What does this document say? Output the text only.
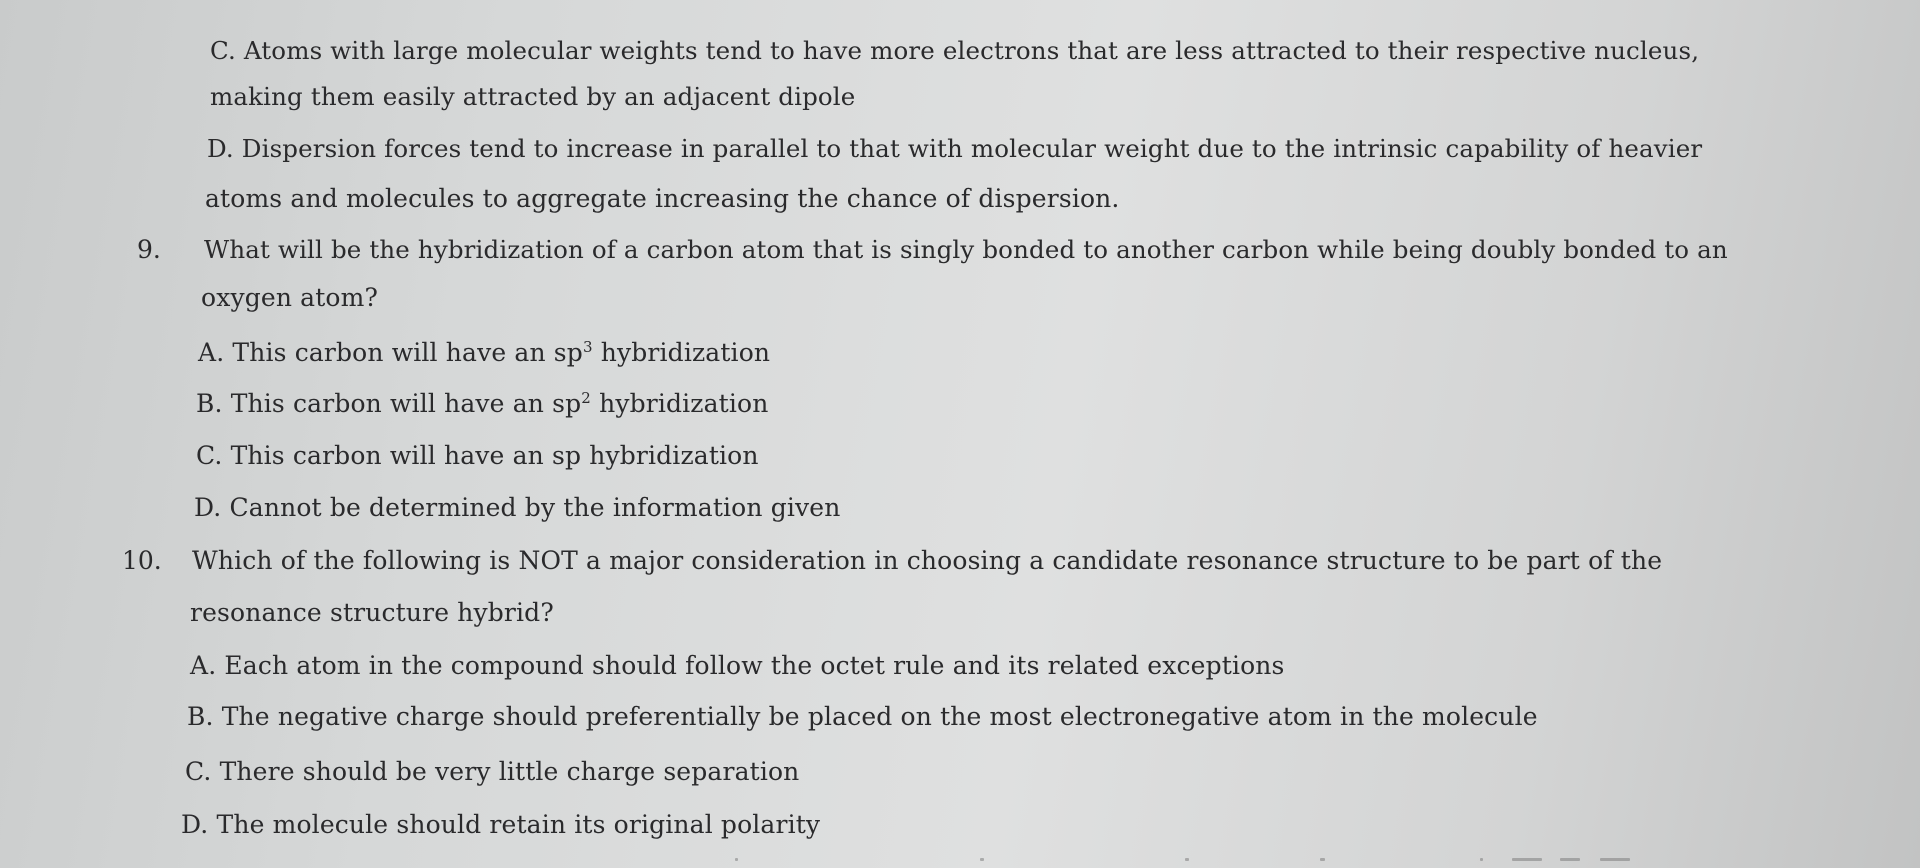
C. Atoms with large molecular weights tend to have more electrons that are less attracted to their respective nucleus,
making them easily attracted by an adjacent dipole
D. Dispersion forces tend to increase in parallel to that with molecular weight due to the intrinsic capability of heavier
atoms and molecules to aggregate increasing the chance of dispersion.
9. What will be the hybridization of a carbon atom that is singly bonded to another carbon while being doubly bonded to an
oxygen atom?
A. This carbon will have an $sp^3$ hybridization
B. This carbon will have an $sp^2$ hybridization
C. This carbon will have an sp hybridization
D. Cannot be determined by the information given
10. Which of the following is NOT a major consideration in choosing a candidate resonance structure to be part of the
resonance structure hybrid?
A. Each atom in the compound should follow the octet rule and its related exceptions
B. The negative charge should preferentially be placed on the most electronegative atom in the molecule
C. There should be very little charge separation
D. The molecule should retain its original polarity
